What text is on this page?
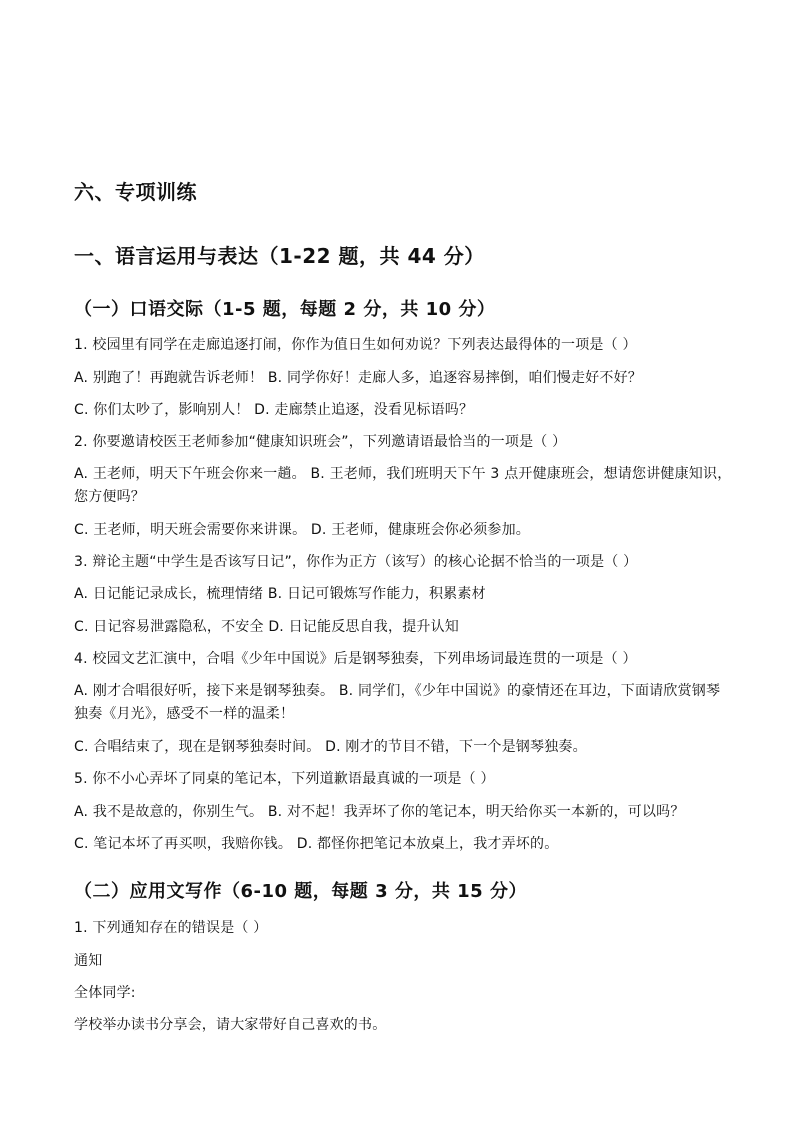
六、专项训练
一、语言运用与表达（1-22 题，共 44 分）
（一）口语交际（1-5 题，每题 2 分，共 10 分）
1. 校园里有同学在走廊追逐打闹，你作为值日生如何劝说？下列表达最得体的一项是（ ）
A. 别跑了！再跑就告诉老师！ B. 同学你好！走廊人多，追逐容易摔倒，咱们慢走好不好？
C. 你们太吵了，影响别人！ D. 走廊禁止追逐，没看见标语吗？
2. 你要邀请校医王老师参加“健康知识班会”，下列邀请语最恰当的一项是（ ）
A. 王老师，明天下午班会你来一趟。 B. 王老师，我们班明天下午 3 点开健康班会，想请您讲健康知识，您方便吗？
C. 王老师，明天班会需要你来讲课。 D. 王老师，健康班会你必须参加。
3. 辩论主题“中学生是否该写日记”，你作为正方（该写）的核心论据不恰当的一项是（ ）
A. 日记能记录成长，梳理情绪 B. 日记可锻炼写作能力，积累素材
C. 日记容易泄露隐私，不安全 D. 日记能反思自我，提升认知
4. 校园文艺汇演中，合唱《少年中国说》后是钢琴独奏，下列串场词最连贯的一项是（ ）
A. 刚才合唱很好听，接下来是钢琴独奏。 B. 同学们，《少年中国说》的豪情还在耳边，下面请欣赏钢琴独奏《月光》，感受不一样的温柔！
C. 合唱结束了，现在是钢琴独奏时间。 D. 刚才的节目不错，下一个是钢琴独奏。
5. 你不小心弄坏了同桌的笔记本，下列道歉语最真诚的一项是（ ）
A. 我不是故意的，你别生气。 B. 对不起！我弄坏了你的笔记本，明天给你买一本新的，可以吗？
C. 笔记本坏了再买呗，我赔你钱。 D. 都怪你把笔记本放桌上，我才弄坏的。
（二）应用文写作（6-10 题，每题 3 分，共 15 分）
1. 下列通知存在的错误是（ ）
通知
全体同学:
学校举办读书分享会，请大家带好自己喜欢的书。
